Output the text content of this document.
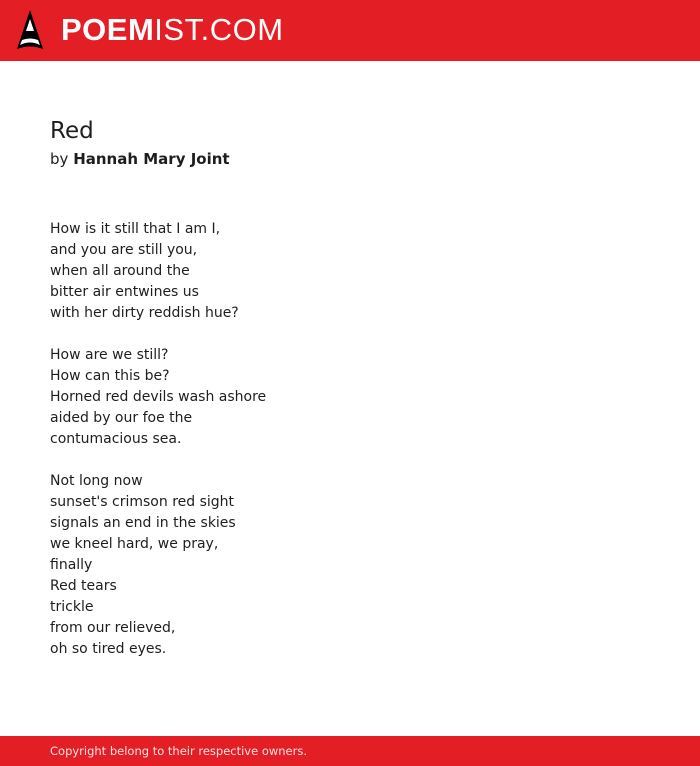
POEMIST.COM
Red
by Hannah Mary Joint
How is it still that I am I,
and you are still you,
when all around the
bitter air entwines us
with her dirty reddish hue?
How are we still?
How can this be?
Horned red devils wash ashore
aided by our foe the
contumacious sea.
Not long now
sunset's crimson red sight
signals an end in the skies
we kneel hard, we pray,
finally
Red tears
trickle
from our relieved,
oh so tired eyes.
Copyright belong to their respective owners.
